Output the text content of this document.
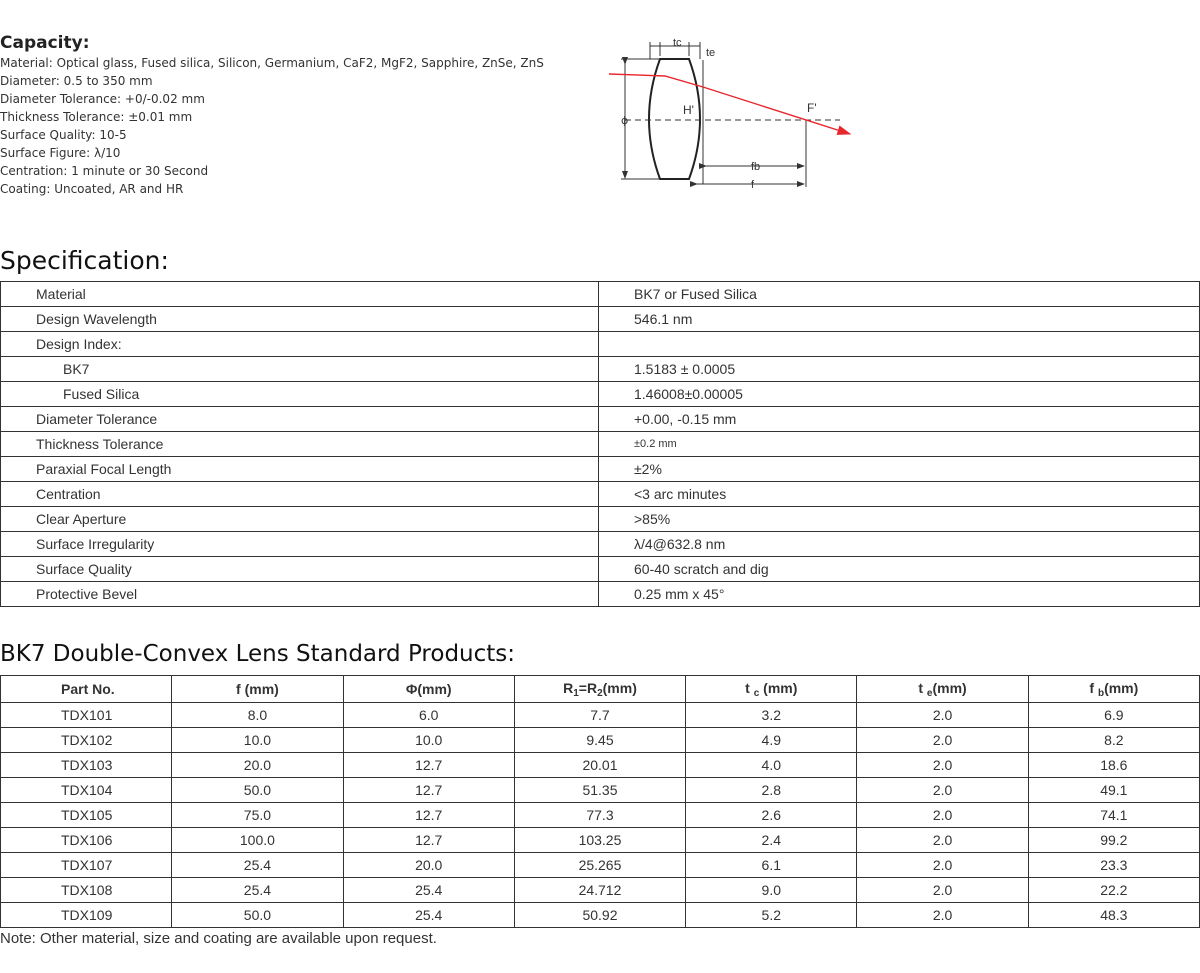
Capacity:
Material: Optical glass, Fused silica, Silicon, Germanium, CaF2, MgF2, Sapphire, ZnSe, ZnS
Diameter: 0.5 to 350 mm
Diameter Tolerance: +0/-0.02 mm
Thickness Tolerance: ±0.01 mm
Surface Quality: 10-5
Surface Figure: λ/10
Centration: 1 minute or 30 Second
Coating: Uncoated, AR and HR
tc
te
fb
f
H'	F'
ϕ
Specification:
Material	BK7 or Fused Silica
Design Wavelength	546.1 nm
Design Index:	
BK7	1.5183 ± 0.0005
Fused Silica	1.46008±0.00005
Diameter Tolerance	+0.00, -0.15 mm
Thickness Tolerance	±0.2 mm
Paraxial Focal Length	±2%
Centration	<3 arc minutes
Clear Aperture	>85%
Surface Irregularity	λ/4@632.8 nm
Surface Quality	60-40 scratch and dig
Protective Bevel	0.25 mm x 45°
BK7 Double-Convex Lens Standard Products:
Part No.	f (mm)	Φ(mm)	$R_1=R_2(mm)$	t $_c$ (mm)	t $_e$(mm)	f $_b$(mm)
TDX101	8.0	6.0	7.7	3.2	2.0	6.9
TDX102	10.0	10.0	9.45	4.9	2.0	8.2
TDX103	20.0	12.7	20.01	4.0	2.0	18.6
TDX104	50.0	12.7	51.35	2.8	2.0	49.1
TDX105	75.0	12.7	77.3	2.6	2.0	74.1
TDX106	100.0	12.7	103.25	2.4	2.0	99.2
TDX107	25.4	20.0	25.265	6.1	2.0	23.3
TDX108	25.4	25.4	24.712	9.0	2.0	22.2
TDX109	50.0	25.4	50.92	5.2	2.0	48.3
Note: Other material, size and coating are available upon request.
